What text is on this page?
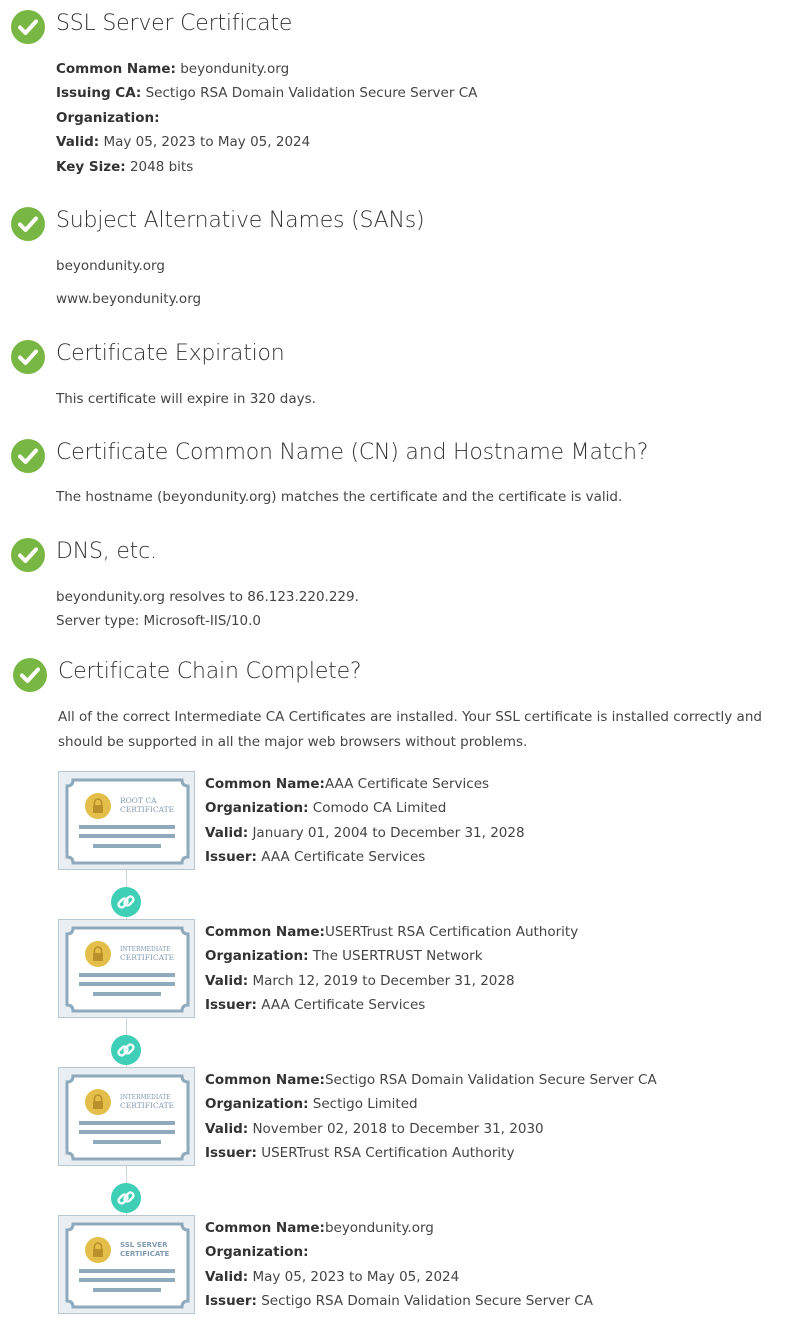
SSL Server Certificate
Common Name: beyondunity.org
Issuing CA: Sectigo RSA Domain Validation Secure Server CA
Organization:
Valid: May 05, 2023 to May 05, 2024
Key Size: 2048 bits
Subject Alternative Names (SANs)
beyondunity.org
www.beyondunity.org
Certificate Expiration
This certificate will expire in 320 days.
Certificate Common Name (CN) and Hostname Match?
The hostname (beyondunity.org) matches the certificate and the certificate is valid.
DNS, etc.
beyondunity.org resolves to 86.123.220.229.
Server type: Microsoft-IIS/10.0
Certificate Chain Complete?
All of the correct Intermediate CA Certificates are installed. Your SSL certificate is installed correctly and should be supported in all the major web browsers without problems.
ROOT CA
CERTIFICATE
Common Name:AAA Certificate Services
Organization: Comodo CA Limited
Valid: January 01, 2004 to December 31, 2028
Issuer: AAA Certificate Services
INTERMEDIATE
CERTIFICATE
Common Name:USERTrust RSA Certification Authority
Organization: The USERTRUST Network
Valid: March 12, 2019 to December 31, 2028
Issuer: AAA Certificate Services
INTERMEDIATE
CERTIFICATE
Common Name:Sectigo RSA Domain Validation Secure Server CA
Organization: Sectigo Limited
Valid: November 02, 2018 to December 31, 2030
Issuer: USERTrust RSA Certification Authority
SSL SERVER
CERTIFICATE
Common Name:beyondunity.org
Organization:
Valid: May 05, 2023 to May 05, 2024
Issuer: Sectigo RSA Domain Validation Secure Server CA
